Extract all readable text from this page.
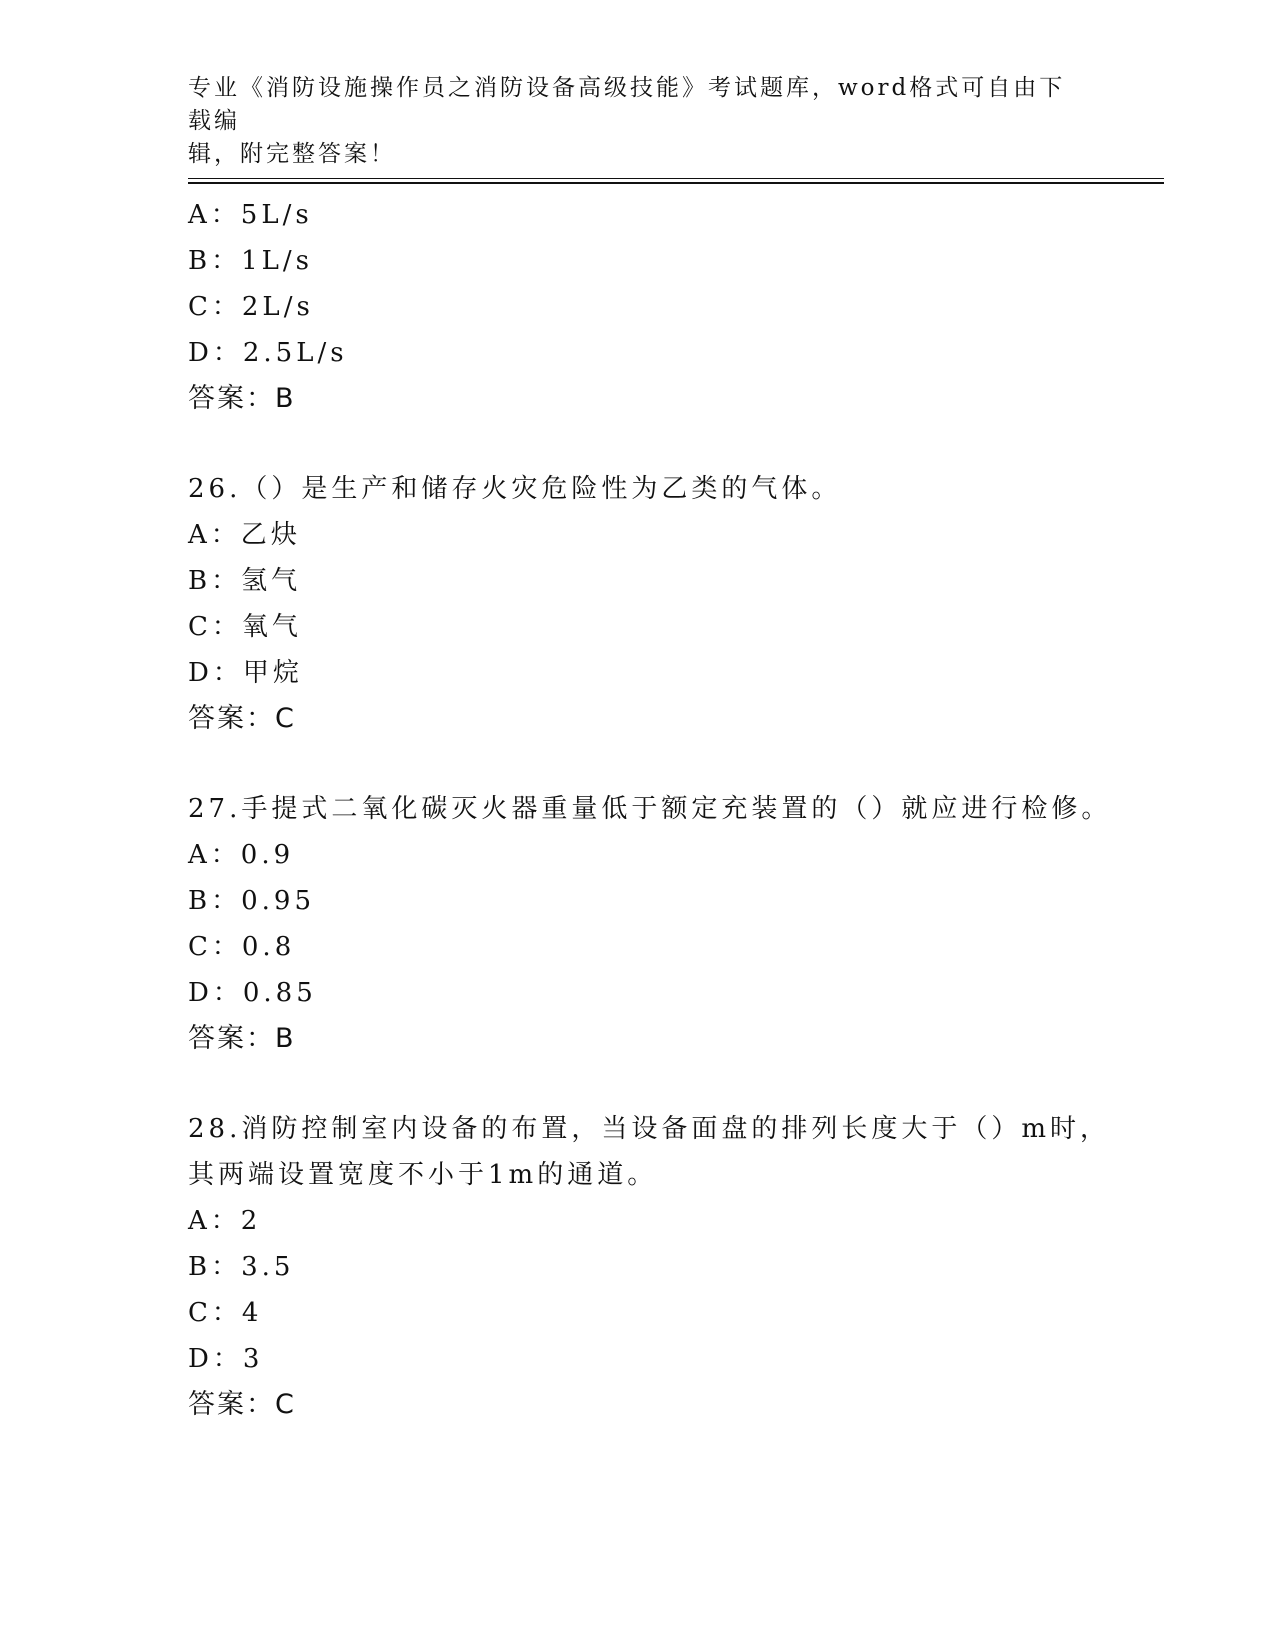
专业《消防设施操作员之消防设备高级技能》考试题库，word格式可自由下载编
辑，附完整答案！
A：5L/s
B：1L/s
C：2L/s
D：2.5L/s
答案：B
26.（）是生产和储存火灾危险性为乙类的气体。
A：乙炔
B：氢气
C：氧气
D：甲烷
答案：C
27.手提式二氧化碳灭火器重量低于额定充装置的（）就应进行检修。
A：0.9
B：0.95
C：0.8
D：0.85
答案：B
28.消防控制室内设备的布置，当设备面盘的排列长度大于（）m时，
其两端设置宽度不小于1m的通道。
A：2
B：3.5
C：4
D：3
答案：C
